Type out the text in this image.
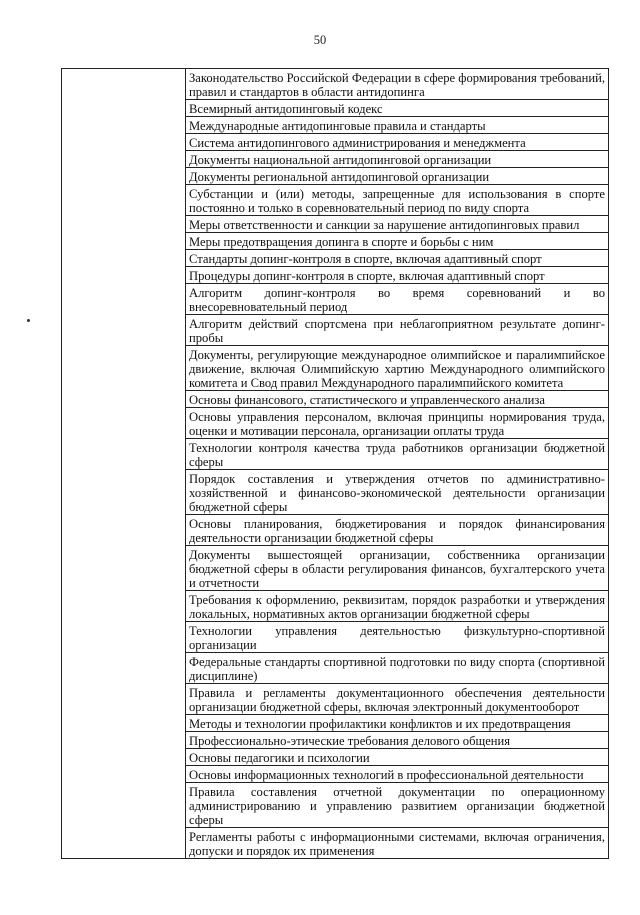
50

Законодательство Российской Федерации в сфере формирования требований, правил и стандартов в области антидопинга
Всемирный антидопинговый кодекс
Международные антидопинговые правила и стандарты
Система антидопингового администрирования и менеджмента
Документы национальной антидопинговой организации
Документы региональной антидопинговой организации
Субстанции и (или) методы, запрещенные для использования в спорте постоянно и только в соревновательный период по виду спорта
Меры ответственности и санкции за нарушение антидопинговых правил
Меры предотвращения допинга в спорте и борьбы с ним
Стандарты допинг-контроля в спорте, включая адаптивный спорт
Процедуры допинг-контроля в спорте, включая адаптивный спорт
Алгоритм допинг-контроля во время соревнований и во внесоревновательный период
Алгоритм действий спортсмена при неблагоприятном результате допинг-пробы
Документы, регулирующие международное олимпийское и паралимпийское движение, включая Олимпийскую хартию Международного олимпийского комитета и Свод правил Международного паралимпийского комитета
Основы финансового, статистического и управленческого анализа
Основы управления персоналом, включая принципы нормирования труда, оценки и мотивации персонала, организации оплаты труда
Технологии контроля качества труда работников организации бюджетной сферы
Порядок составления и утверждения отчетов по административно-хозяйственной и финансово-экономической деятельности организации бюджетной сферы
Основы планирования, бюджетирования и порядок финансирования деятельности организации бюджетной сферы
Документы вышестоящей организации, собственника организации бюджетной сферы в области регулирования финансов, бухгалтерского учета и отчетности
Требования к оформлению, реквизитам, порядок разработки и утверждения локальных, нормативных актов организации бюджетной сферы
Технологии управления деятельностью физкультурно-спортивной организации
Федеральные стандарты спортивной подготовки по виду спорта (спортивной дисциплине)
Правила и регламенты документационного обеспечения деятельности организации бюджетной сферы, включая электронный документооборот
Методы и технологии профилактики конфликтов и их предотвращения
Профессионально-этические требования делового общения
Основы педагогики и психологии
Основы информационных технологий в профессиональной деятельности
Правила составления отчетной документации по операционному администрированию и управлению развитием организации бюджетной сферы
Регламенты работы с информационными системами, включая ограничения, допуски и порядок их применения
